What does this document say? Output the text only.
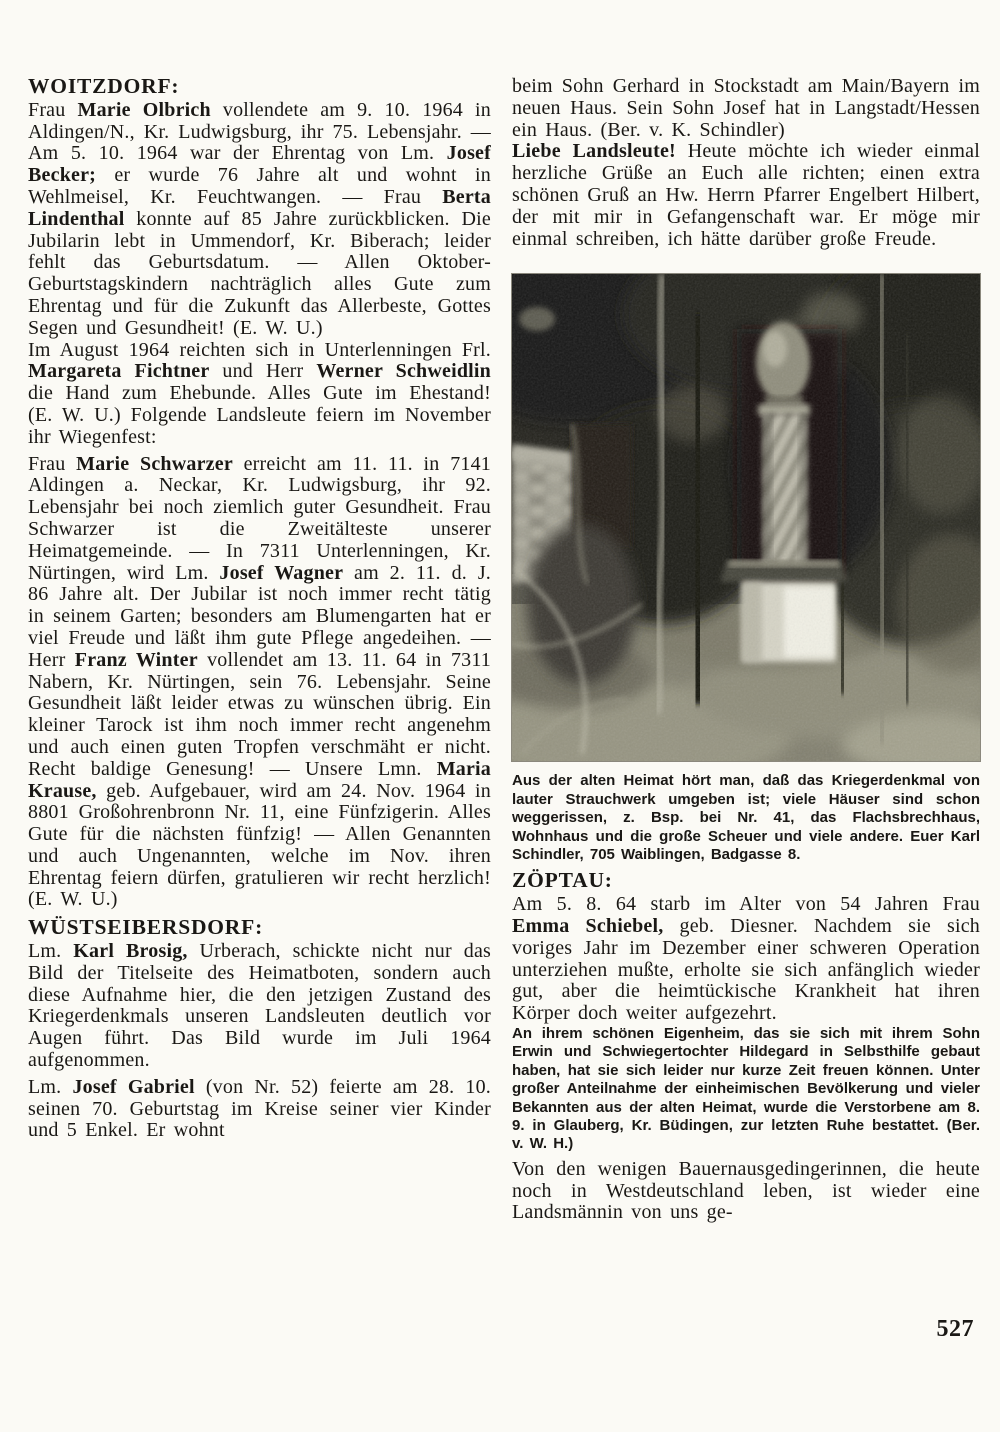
WOITZDORF:

Frau Marie Olbrich vollendete am 9. 10. 1964 in Aldingen/N., Kr. Ludwigsburg, ihr 75. Lebensjahr. — Am 5. 10. 1964 war der Ehrentag von Lm. Josef Becker; er wurde 76 Jahre alt und wohnt in Wehlmeisel, Kr. Feuchtwangen. — Frau Berta Lindenthal konnte auf 85 Jahre zurückblicken. Die Jubilarin lebt in Ummendorf, Kr. Biberach; leider fehlt das Geburtsdatum. — Allen Oktober-Geburtstagskindern nachträglich alles Gute zum Ehrentag und für die Zukunft das Allerbeste, Gottes Segen und Gesundheit! (E. W. U.)

Im August 1964 reichten sich in Unterlenningen Frl. Margareta Fichtner und Herr Werner Schweidlin die Hand zum Ehebunde. Alles Gute im Ehestand! (E. W. U.) Folgende Landsleute feiern im November ihr Wiegenfest:

Frau Marie Schwarzer erreicht am 11. 11. in 7141 Aldingen a. Neckar, Kr. Ludwigsburg, ihr 92. Lebensjahr bei noch ziemlich guter Gesundheit. Frau Schwarzer ist die Zweitälteste unserer Heimatgemeinde. — In 7311 Unterlenningen, Kr. Nürtingen, wird Lm. Josef Wagner am 2. 11. d. J. 86 Jahre alt. Der Jubilar ist noch immer recht tätig in seinem Garten; besonders am Blumengarten hat er viel Freude und läßt ihm gute Pflege angedeihen. — Herr Franz Winter vollendet am 13. 11. 64 in 7311 Nabern, Kr. Nürtingen, sein 76. Lebensjahr. Seine Gesundheit läßt leider etwas zu wünschen übrig. Ein kleiner Tarock ist ihm noch immer recht angenehm und auch einen guten Tropfen verschmäht er nicht. Recht baldige Genesung! — Unsere Lmn. Maria Krause, geb. Aufgebauer, wird am 24. Nov. 1964 in 8801 Großohrenbronn Nr. 11, eine Fünfzigerin. Alles Gute für die nächsten fünfzig! — Allen Genannten und auch Ungenannten, welche im Nov. ihren Ehrentag feiern dürfen, gratulieren wir recht herzlich! (E. W. U.)

WÜSTSEIBERSDORF:

Lm. Karl Brosig, Urberach, schickte nicht nur das Bild der Titelseite des Heimatboten, sondern auch diese Aufnahme hier, die den jetzigen Zustand des Kriegerdenkmals unseren Landsleuten deutlich vor Augen führt. Das Bild wurde im Juli 1964 aufgenommen.

Lm. Josef Gabriel (von Nr. 52) feierte am 28. 10. seinen 70. Geburtstag im Kreise seiner vier Kinder und 5 Enkel. Er wohnt

beim Sohn Gerhard in Stockstadt am Main/Bayern im neuen Haus. Sein Sohn Josef hat in Langstadt/Hessen ein Haus. (Ber. v. K. Schindler)

Liebe Landsleute! Heute möchte ich wieder einmal herzliche Grüße an Euch alle richten; einen extra schönen Gruß an Hw. Herrn Pfarrer Engelbert Hilbert, der mit mir in Gefangenschaft war. Er möge mir einmal schreiben, ich hätte darüber große Freude.

Aus der alten Heimat hört man, daß das Kriegerdenkmal von lauter Strauchwerk umgeben ist; viele Häuser sind schon weggerissen, z. Bsp. bei Nr. 41, das Flachsbrechhaus, Wohnhaus und die große Scheuer und viele andere. Euer Karl Schindler, 705 Waiblingen, Badgasse 8.

ZÖPTAU:

Am 5. 8. 64 starb im Alter von 54 Jahren Frau Emma Schiebel, geb. Diesner. Nachdem sie sich voriges Jahr im Dezember einer schweren Operation unterziehen mußte, erholte sie sich anfänglich wieder gut, aber die heimtückische Krankheit hat ihren Körper doch weiter aufgezehrt.

An ihrem schönen Eigenheim, das sie sich mit ihrem Sohn Erwin und Schwiegertochter Hildegard in Selbsthilfe gebaut haben, hat sie sich leider nur kurze Zeit freuen können. Unter großer Anteilnahme der einheimischen Bevölkerung und vieler Bekannten aus der alten Heimat, wurde die Verstorbene am 8. 9. in Glauberg, Kr. Büdingen, zur letzten Ruhe bestattet. (Ber. v. W. H.)

Von den wenigen Bauernausgedingerinnen, die heute noch in Westdeutschland leben, ist wieder eine Landsmännin von uns ge-

527
